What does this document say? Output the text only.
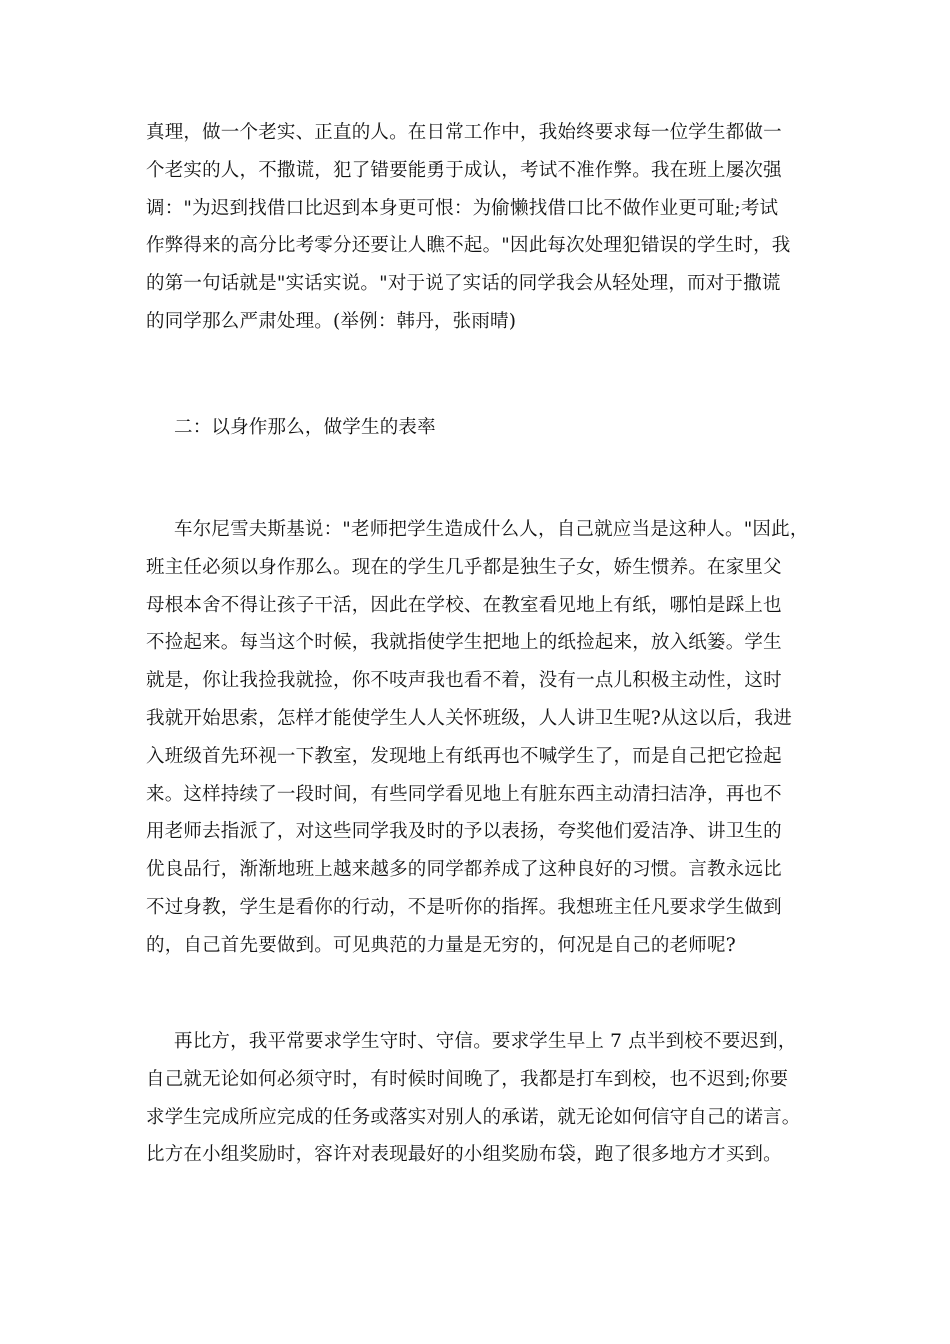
真理，做一个老实、正直的人。在日常工作中，我始终要求每一位学生都做一
个老实的人，不撒谎，犯了错要能勇于成认，考试不准作弊。我在班上屡次强
调："为迟到找借口比迟到本身更可恨：为偷懒找借口比不做作业更可耻;考试
作弊得来的高分比考零分还要让人瞧不起。"因此每次处理犯错误的学生时，我
的第一句话就是"实话实说。"对于说了实话的同学我会从轻处理，而对于撒谎
的同学那么严肃处理。(举例：韩丹，张雨晴)
二：以身作那么，做学生的表率
车尔尼雪夫斯基说："老师把学生造成什么人，自己就应当是这种人。"因此，
班主任必须以身作那么。现在的学生几乎都是独生子女，娇生惯养。在家里父
母根本舍不得让孩子干活，因此在学校、在教室看见地上有纸，哪怕是踩上也
不捡起来。每当这个时候，我就指使学生把地上的纸捡起来，放入纸篓。学生
就是，你让我捡我就捡，你不吱声我也看不着，没有一点儿积极主动性，这时
我就开始思索，怎样才能使学生人人关怀班级，人人讲卫生呢?从这以后，我进
入班级首先环视一下教室，发现地上有纸再也不喊学生了，而是自己把它捡起
来。这样持续了一段时间，有些同学看见地上有脏东西主动清扫洁净，再也不
用老师去指派了，对这些同学我及时的予以表扬，夸奖他们爱洁净、讲卫生的
优良品行，渐渐地班上越来越多的同学都养成了这种良好的习惯。言教永远比
不过身教，学生是看你的行动，不是听你的指挥。我想班主任凡要求学生做到
的，自己首先要做到。可见典范的力量是无穷的，何况是自己的老师呢?
再比方，我平常要求学生守时、守信。要求学生早上 7 点半到校不要迟到，
自己就无论如何必须守时，有时候时间晚了，我都是打车到校，也不迟到;你要
求学生完成所应完成的任务或落实对别人的承诺，就无论如何信守自己的诺言。
比方在小组奖励时，容许对表现最好的小组奖励布袋，跑了很多地方才买到。
